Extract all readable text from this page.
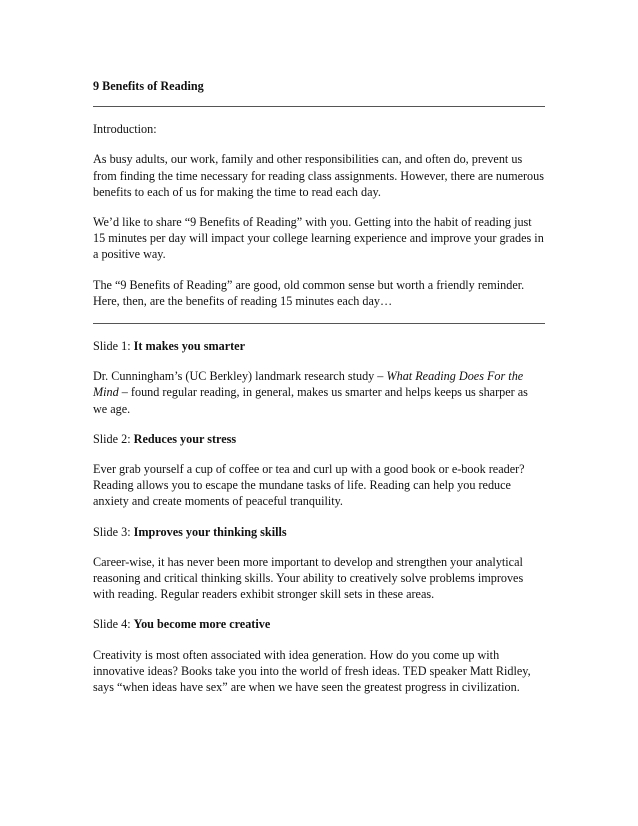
9 Benefits of Reading
Introduction:
As busy adults, our work, family and other responsibilities can, and often do, prevent us from finding the time necessary for reading class assignments. However, there are numerous benefits to each of us for making the time to read each day.
We’d like to share “9 Benefits of Reading” with you. Getting into the habit of reading just 15 minutes per day will impact your college learning experience and improve your grades in a positive way.
The “9 Benefits of Reading” are good, old common sense but worth a friendly reminder. Here, then, are the benefits of reading 15 minutes each day…
Slide 1: It makes you smarter
Dr. Cunningham’s (UC Berkley) landmark research study – What Reading Does For the Mind – found regular reading, in general, makes us smarter and helps keeps us sharper as we age.
Slide 2: Reduces your stress
Ever grab yourself a cup of coffee or tea and curl up with a good book or e-book reader? Reading allows you to escape the mundane tasks of life. Reading can help you reduce anxiety and create moments of peaceful tranquility.
Slide 3: Improves your thinking skills
Career-wise, it has never been more important to develop and strengthen your analytical reasoning and critical thinking skills. Your ability to creatively solve problems improves with reading. Regular readers exhibit stronger skill sets in these areas.
Slide 4: You become more creative
Creativity is most often associated with idea generation. How do you come up with innovative ideas? Books take you into the world of fresh ideas. TED speaker Matt Ridley, says “when ideas have sex” are when we have seen the greatest progress in civilization.
